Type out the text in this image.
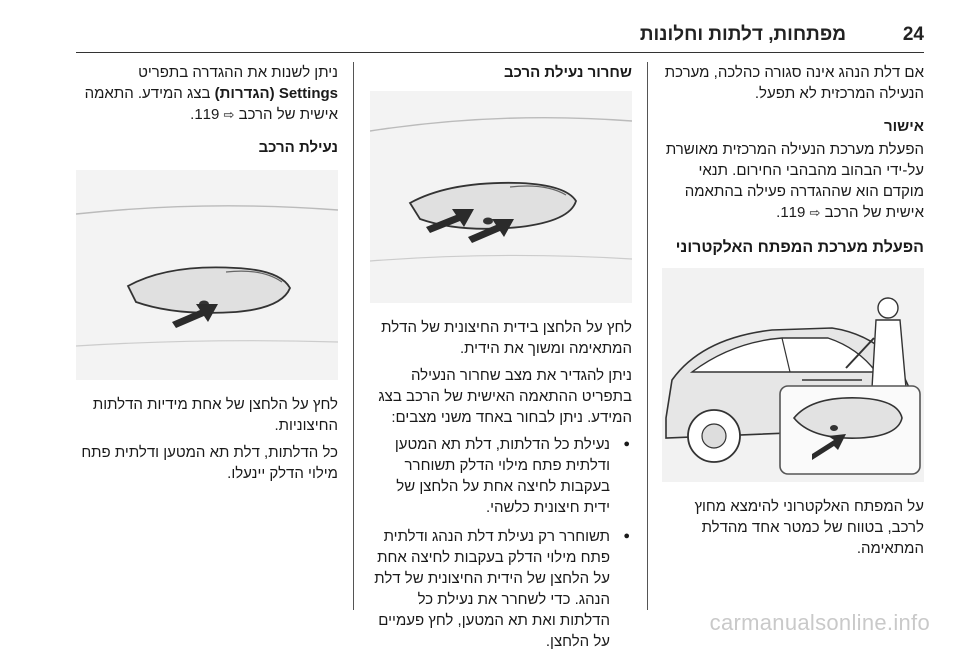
24
מפתחות, דלתות וחלונות

אם דלת הנהג אינה סגורה כהלכה, מערכת הנעילה המרכזית לא תפעל.

אישור

הפעלת מערכת הנעילה המרכזית מאושרת על-ידי הבהוב מהבהבי החירום. תנאי מוקדם הוא שההגדרה פעילה בהתאמה אישית של הרכב ⇨ 119.

הפעלת מערכת המפתח האלקטרוני

על המפתח האלקטרוני להימצא מחוץ לרכב, בטווח של כמטר אחד מהדלת המתאימה.

שחרור נעילת הרכב

לחץ על הלחצן בידית החיצונית של הדלת המתאימה ומשוך את הידית.

ניתן להגדיר את מצב שחרור הנעילה בתפריט ההתאמה האישית של הרכב בצג המידע. ניתן לבחור באחד משני מצבים:

● נעילת כל הדלתות, דלת תא המטען ודלתית פתח מילוי הדלק תשוחרר בעקבות לחיצה אחת על הלחצן של ידית חיצונית כלשהי.
● תשוחרר רק נעילת דלת הנהג ודלתית פתח מילוי הדלק בעקבות לחיצה אחת על הלחצן של הידית החיצונית של דלת הנהג. כדי לשחרר את נעילת כל הדלתות ואת תא המטען, לחץ פעמיים על הלחצן.

ניתן לשנות את ההגדרה בתפריט Settings (הגדרות) בצג המידע. התאמה אישית של הרכב ⇨ 119.

נעילת הרכב

לחץ על הלחצן של אחת מידיות הדלתות החיצוניות.

כל הדלתות, דלת תא המטען ודלתית פתח מילוי הדלק יינעלו.

carmanualsonline.info
